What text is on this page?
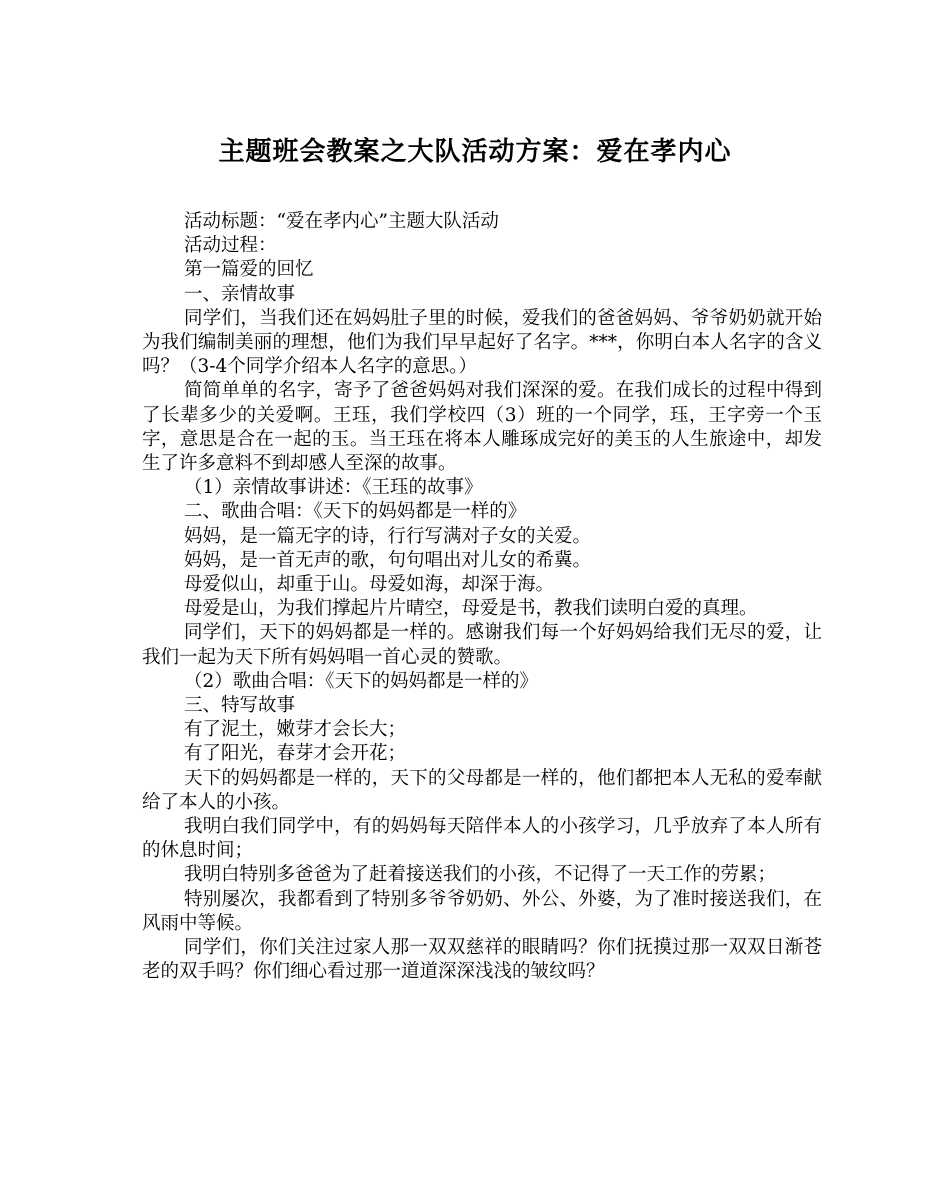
主题班会教案之大队活动方案：爱在孝内心

活动标题：“爱在孝内心”主题大队活动

活动过程：

第一篇爱的回忆

一、亲情故事

同学们，当我们还在妈妈肚子里的时候，爱我们的爸爸妈妈、爷爷奶奶就开始为我们编制美丽的理想，他们为我们早早起好了名字。***，你明白本人名字的含义吗？（3-4个同学介绍本人名字的意思。）

简简单单的名字，寄予了爸爸妈妈对我们深深的爱。在我们成长的过程中得到了长辈多少的关爱啊。王珏，我们学校四（3）班的一个同学，珏，王字旁一个玉字，意思是合在一起的玉。当王珏在将本人雕琢成完好的美玉的人生旅途中，却发生了许多意料不到却感人至深的故事。

（1）亲情故事讲述：《王珏的故事》

二、歌曲合唱：《天下的妈妈都是一样的》

妈妈，是一篇无字的诗，行行写满对子女的关爱。

妈妈，是一首无声的歌，句句唱出对儿女的希冀。

母爱似山，却重于山。母爱如海，却深于海。

母爱是山，为我们撑起片片晴空，母爱是书，教我们读明白爱的真理。

同学们，天下的妈妈都是一样的。感谢我们每一个好妈妈给我们无尽的爱，让我们一起为天下所有妈妈唱一首心灵的赞歌。

（2）歌曲合唱：《天下的妈妈都是一样的》

三、特写故事

有了泥土，嫩芽才会长大；

有了阳光，春芽才会开花；

天下的妈妈都是一样的，天下的父母都是一样的，他们都把本人无私的爱奉献给了本人的小孩。

我明白我们同学中，有的妈妈每天陪伴本人的小孩学习，几乎放弃了本人所有的休息时间；

我明白特别多爸爸为了赶着接送我们的小孩，不记得了一天工作的劳累；

特别屡次，我都看到了特别多爷爷奶奶、外公、外婆，为了准时接送我们，在风雨中等候。

同学们，你们关注过家人那一双双慈祥的眼睛吗？你们抚摸过那一双双日渐苍老的双手吗？你们细心看过那一道道深深浅浅的皱纹吗？
